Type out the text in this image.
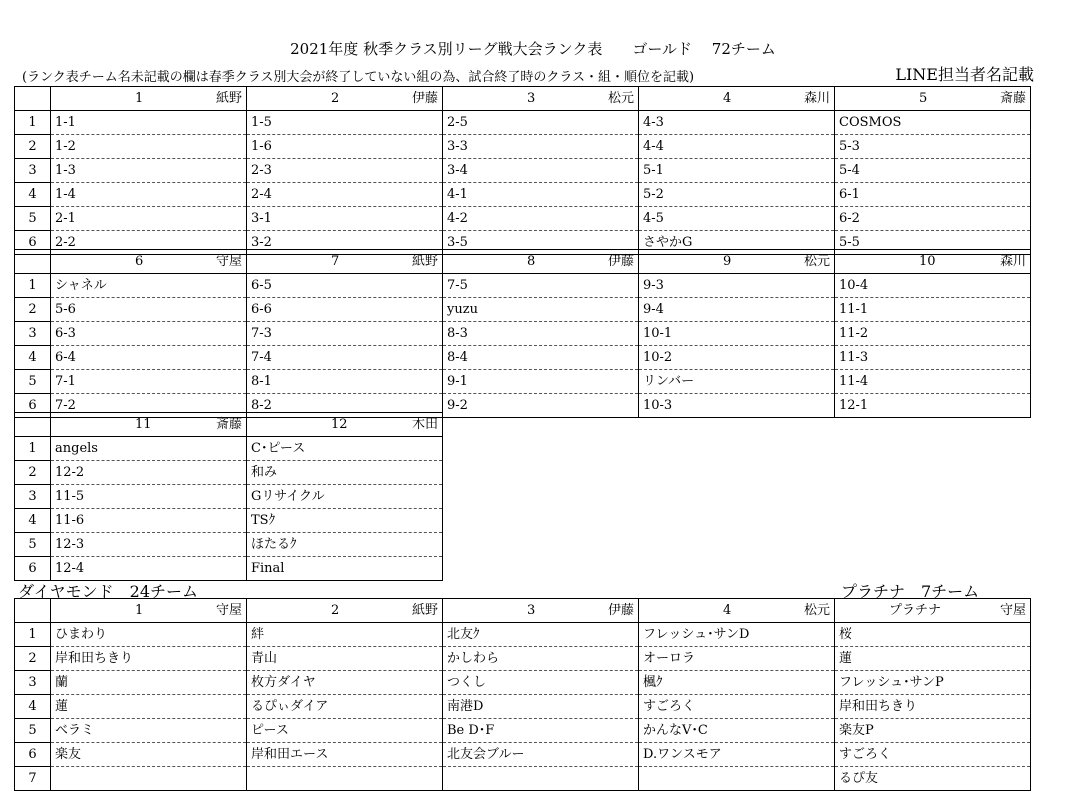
2021年度 秋季クラス別リーグ戦大会ランク表　　ゴールド　 72チーム
(ランク表チーム名未記載の欄は春季クラス別大会が終了していない組の為、試合終了時のクラス・組・順位を記載)	LINE担当者名記載

	1 紙野	2 伊藤	3 松元	4 森川	5 斎藤

1	1-1	1-5	2-5	4-3	COSMOS
2	1-2	1-6	3-3	4-4	5-3
3	1-3	2-3	3-4	5-1	5-4
4	1-4	2-4	4-1	5-2	6-1
5	2-1	3-1	4-2	4-5	6-2
6	2-2	3-2	3-5	さやかG	5-5

	6 守屋	7 紙野	8 伊藤	9 松元	10 森川

1	シャネル	6-5	7-5	9-3	10-4
2	5-6	6-6	yuzu	9-4	11-1
3	6-3	7-3	8-3	10-1	11-2
4	6-4	7-4	8-4	10-2	11-3
5	7-1	8-1	9-1	リンバー	11-4
6	7-2	8-2	9-2	10-3	12-1

	11 斎藤	12 木田

1	angels	C･ピース
2	12-2	和み
3	11-5	Gリサイクル
4	11-6	TSｸ
5	12-3	ほたるｸ
6	12-4	Final
ダイヤモンド　24チーム	プラチナ　7チーム

	1 守屋	2 紙野	3 伊藤	4 松元	プラチナ 守屋

1	ひまわり	絆	北友ｸ	フレッシュ･サンD	桜
2	岸和田ちきり	青山	かしわら	オーロラ	蓮
3	蘭	枚方ダイヤ	つくし	楓ｸ	フレッシュ･サンP
4	蓮	るぴぃダイア	南港D	すごろく	岸和田ちきり
5	ベラミ	ピース	Be D･F	かんなV･C	楽友P
6	楽友	岸和田エース	北友会ブルー	D.ワンスモア	すごろく
7					るぴ友
